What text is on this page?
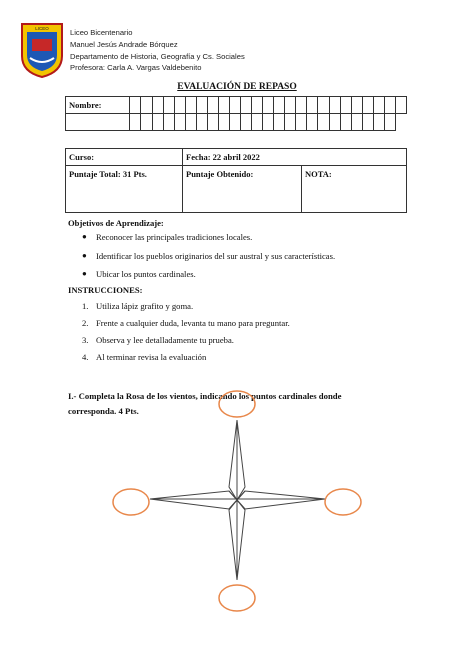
LICEO	Liceo Bicentenario
Manuel Jesús Andrade Bórquez
Departamento de Historia, Geografía y Cs. Sociales
Profesora: Carla A. Vargas Valdebenito
EVALUACIÓN DE REPASO
Nombre:																									

Curso:	Fecha: 22 abril 2022	
Puntaje Total: 31 Pts.	Puntaje Obtenido:	NOTA:
Objetivos de Aprendizaje:
●	Reconocer las principales tradiciones locales.
●	Identificar los pueblos originarios del sur austral y sus características.
●	Ubicar los puntos cardinales.
INSTRUCCIONES:
1. Utiliza lápiz grafito y goma.
2. Frente a cualquier duda, levanta tu mano para preguntar.
3. Observa y lee detalladamente tu prueba.
4. Al terminar revisa la evaluación
I.- Completa la Rosa de los vientos, indicando los puntos cardinales donde
corresponda. 4 Pts.
